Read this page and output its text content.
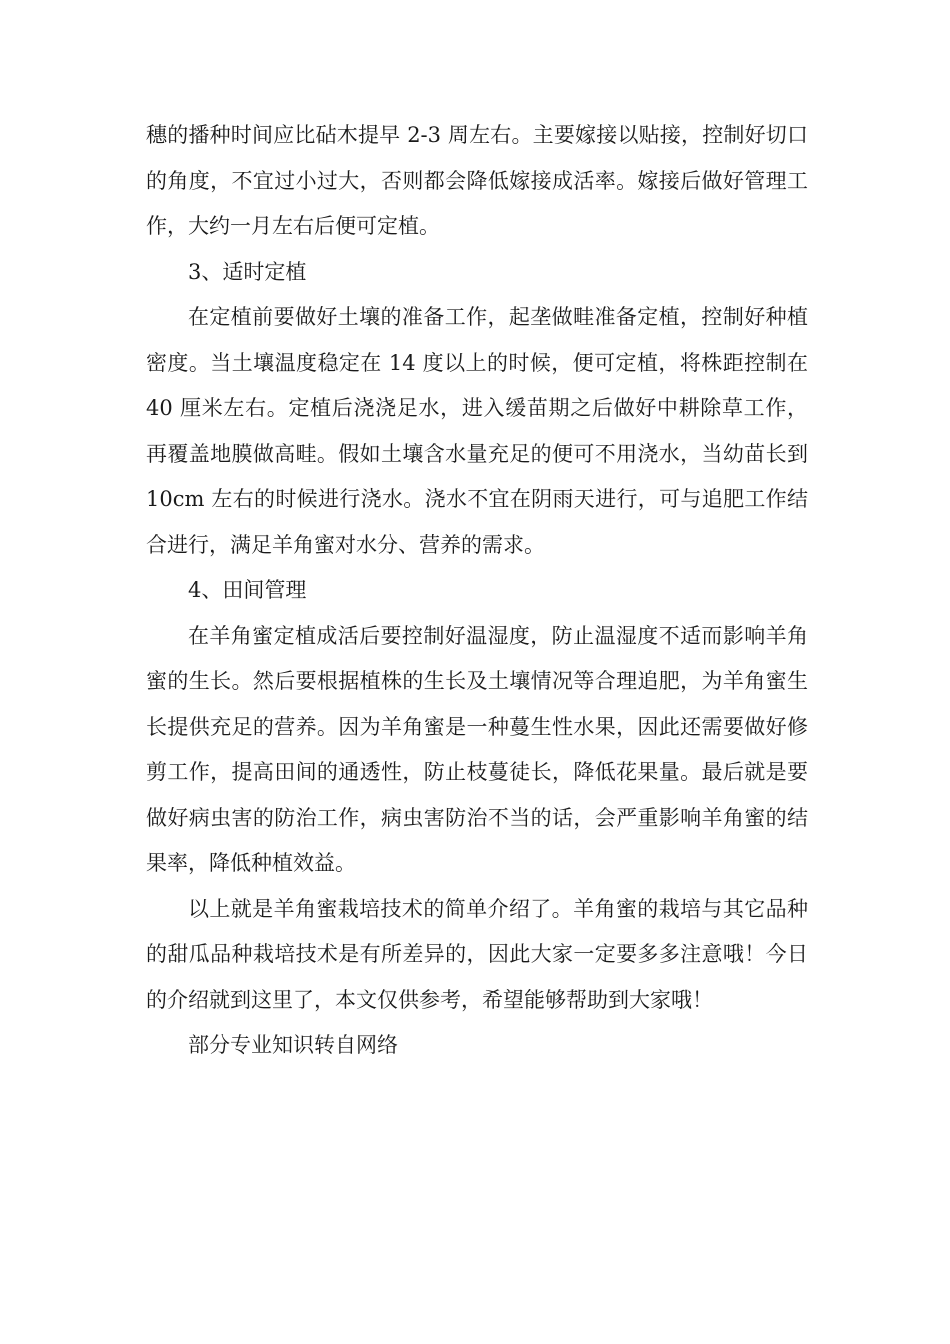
穗的播种时间应比砧木提早 2-3 周左右。主要嫁接以贴接，控制好切口的角度，不宜过小过大，否则都会降低嫁接成活率。嫁接后做好管理工作，大约一月左右后便可定植。

3、适时定植

在定植前要做好土壤的准备工作，起垄做畦准备定植，控制好种植密度。当土壤温度稳定在 14 度以上的时候，便可定植，将株距控制在 40 厘米左右。定植后浇浇足水，进入缓苗期之后做好中耕除草工作，再覆盖地膜做高畦。假如土壤含水量充足的便可不用浇水，当幼苗长到 10cm 左右的时候进行浇水。浇水不宜在阴雨天进行，可与追肥工作结合进行，满足羊角蜜对水分、营养的需求。

4、田间管理

在羊角蜜定植成活后要控制好温湿度，防止温湿度不适而影响羊角蜜的生长。然后要根据植株的生长及土壤情况等合理追肥，为羊角蜜生长提供充足的营养。因为羊角蜜是一种蔓生性水果，因此还需要做好修剪工作，提高田间的通透性，防止枝蔓徒长，降低花果量。最后就是要做好病虫害的防治工作，病虫害防治不当的话，会严重影响羊角蜜的结果率，降低种植效益。

以上就是羊角蜜栽培技术的简单介绍了。羊角蜜的栽培与其它品种的甜瓜品种栽培技术是有所差异的，因此大家一定要多多注意哦！今日的介绍就到这里了，本文仅供参考，希望能够帮助到大家哦！

部分专业知识转自网络
